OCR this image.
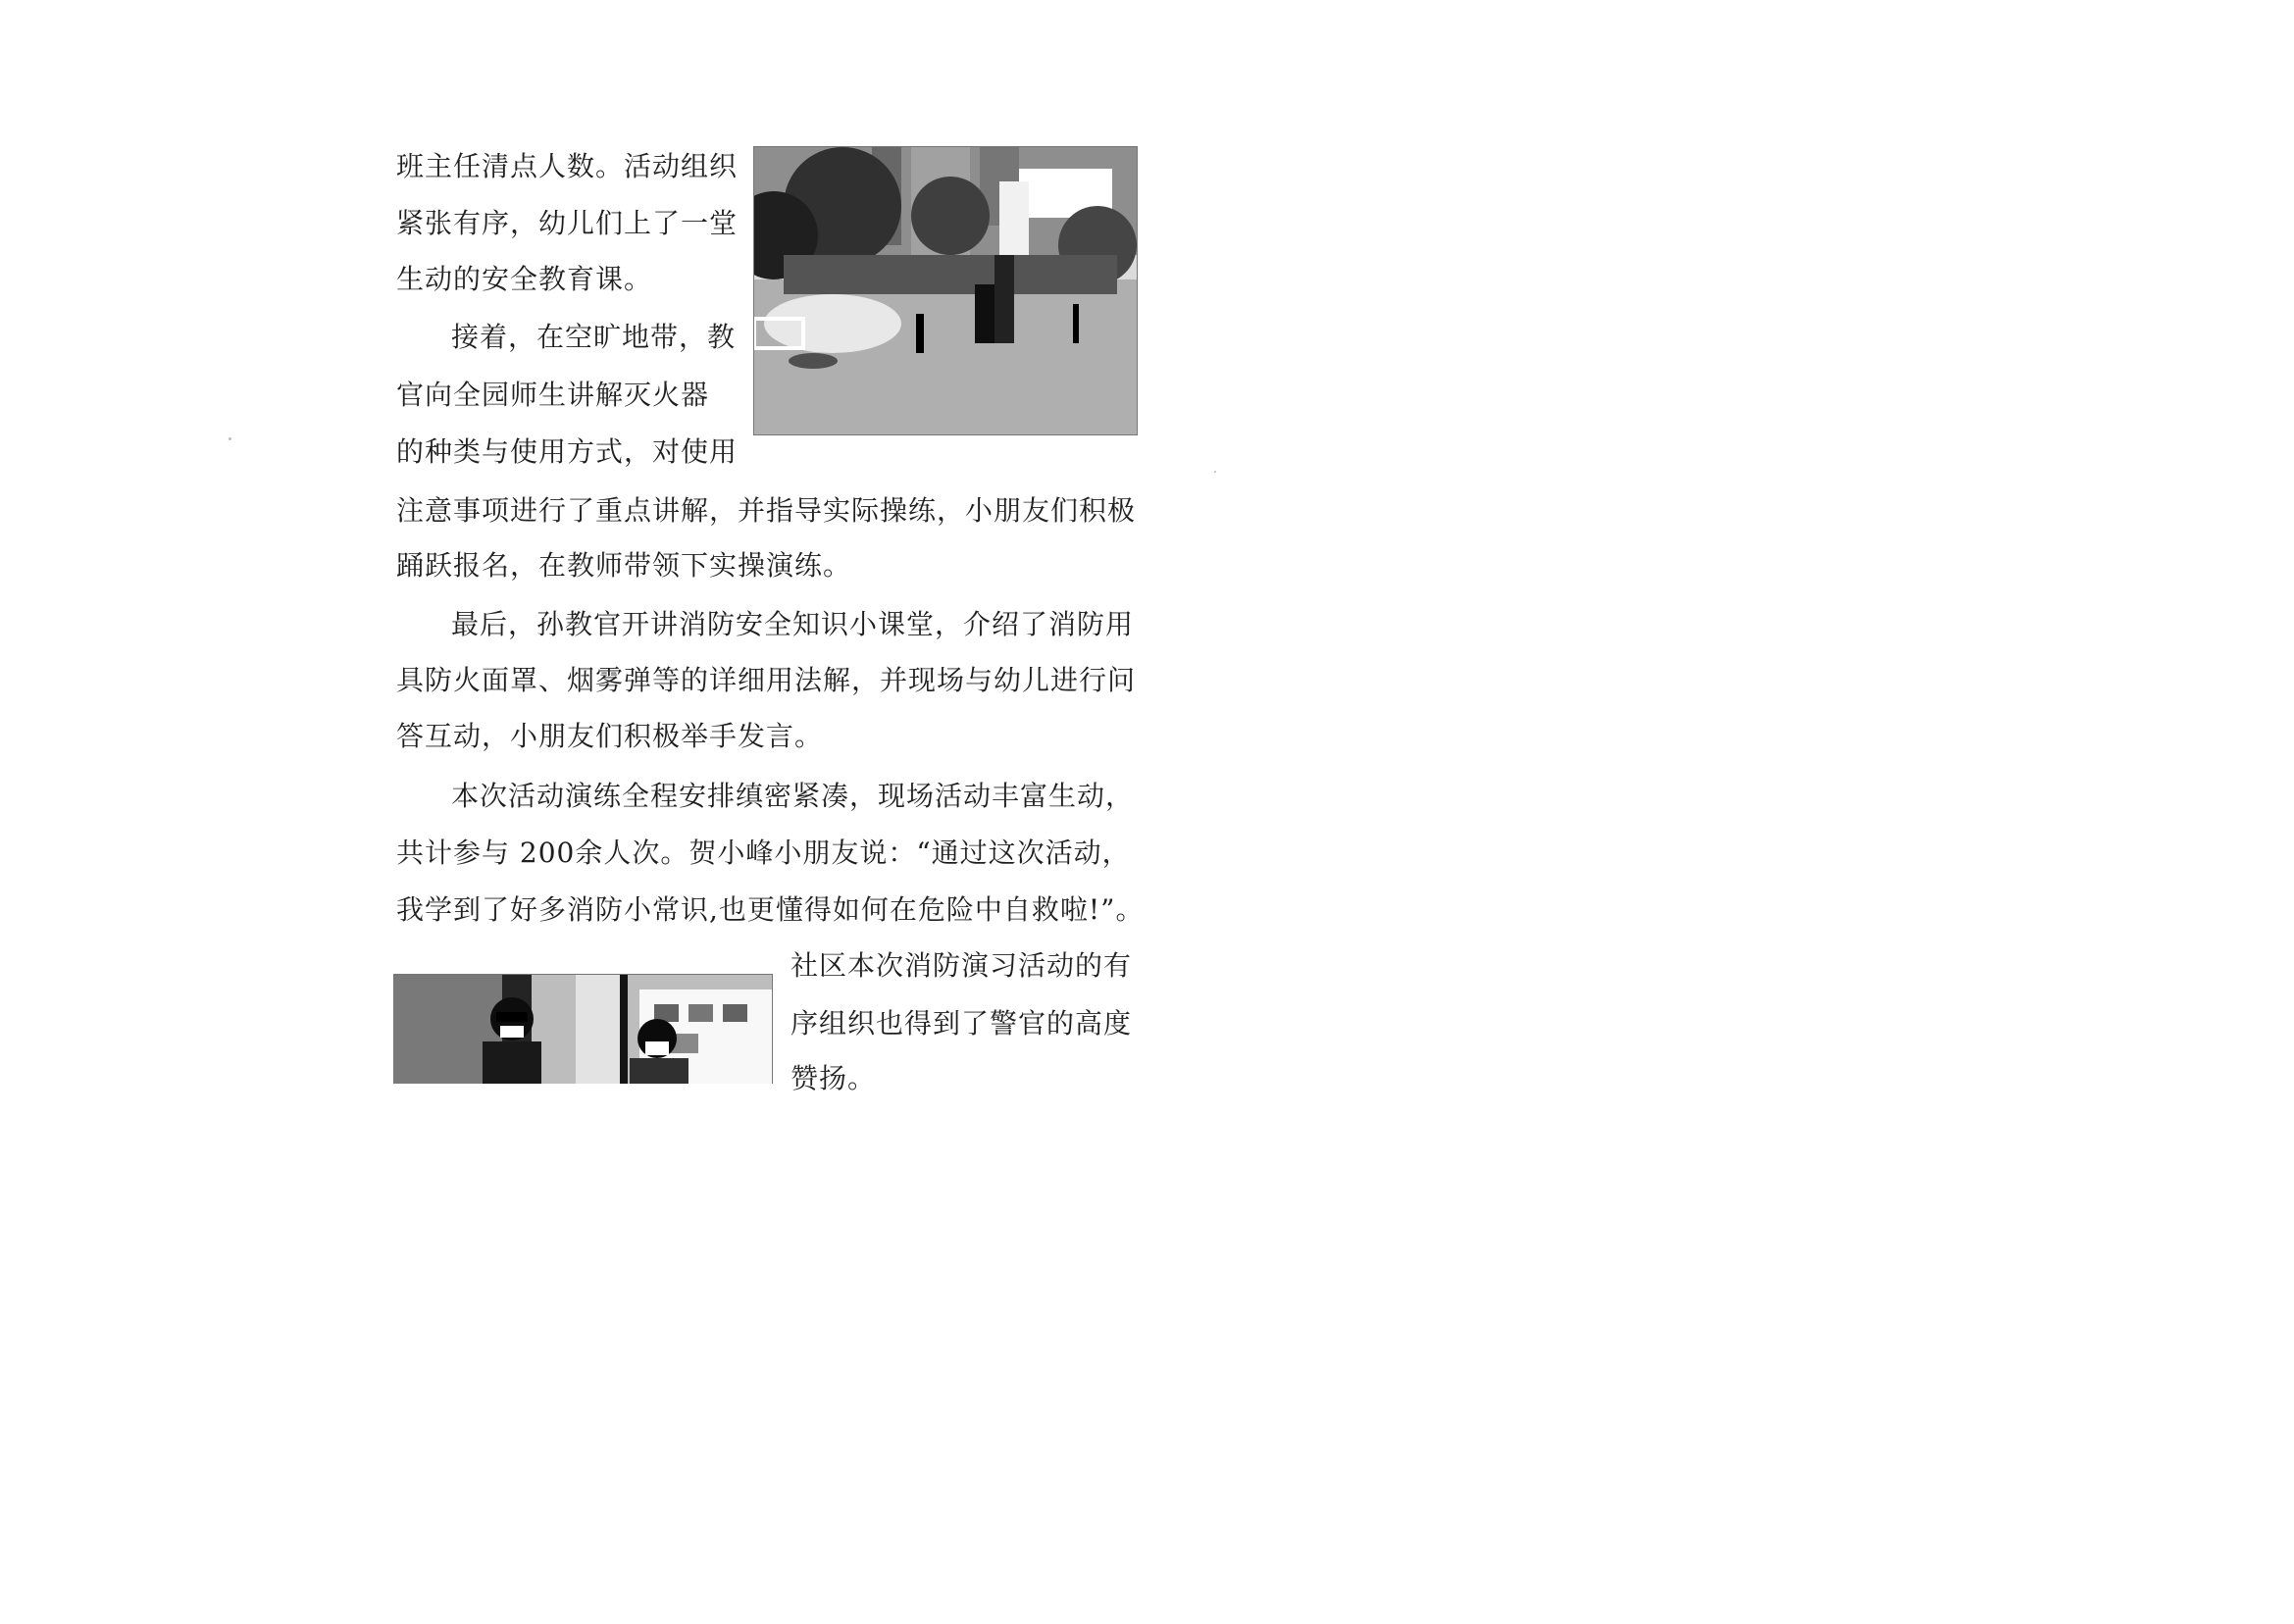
班主任清点人数。活动组织
紧张有序，幼儿们上了一堂
生动的安全教育课。
接着，在空旷地带，教
官向全园师生讲解灭火器
的种类与使用方式，对使用
注意事项进行了重点讲解，并指导实际操练，小朋友们积极
踊跃报名，在教师带领下实操演练。
最后，孙教官开讲消防安全知识小课堂，介绍了消防用
具防火面罩、烟雾弹等的详细用法解，并现场与幼儿进行问
答互动，小朋友们积极举手发言。
本次活动演练全程安排缜密紧凑，现场活动丰富生动，
共计参与 200余人次。贺小峰小朋友说：“通过这次活动，
我学到了好多消防小常识,也更懂得如何在危险中自救啦!”。
社区本次消防演习活动的有
序组织也得到了警官的高度
赞扬。
